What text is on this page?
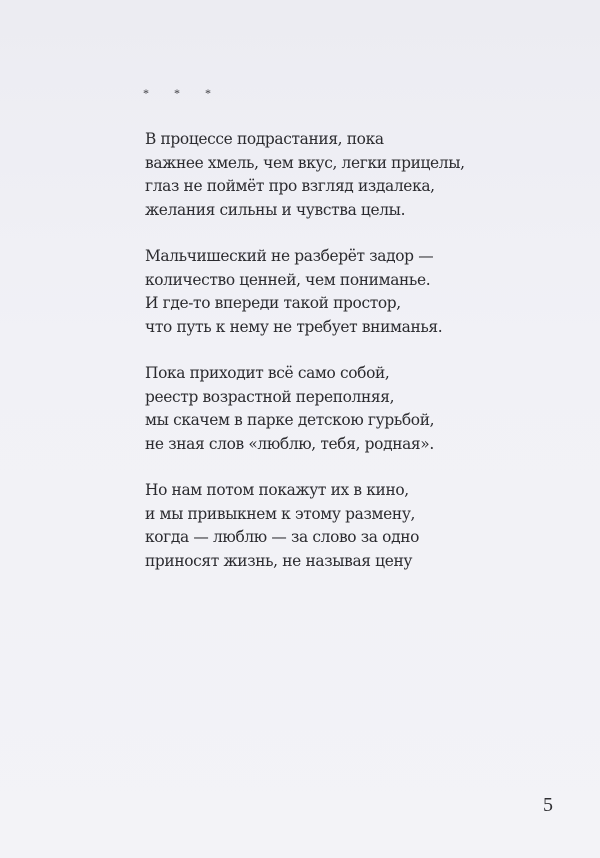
* * *
В процессе подрастания, пока
важнее хмель, чем вкус, легки прицелы,
глаз не поймёт про взгляд издалека,
желания сильны и чувства целы.
Мальчишеский не разберёт задор —
количество ценней, чем пониманье.
И где-то впереди такой простор,
что путь к нему не требует вниманья.
Пока приходит всё само собой,
реестр возрастной переполняя,
мы скачем в парке детскою гурьбой,
не зная слов «люблю, тебя, родная».
Но нам потом покажут их в кино,
и мы привыкнем к этому размену,
когда — люблю — за слово за одно
приносят жизнь, не называя цену
5
